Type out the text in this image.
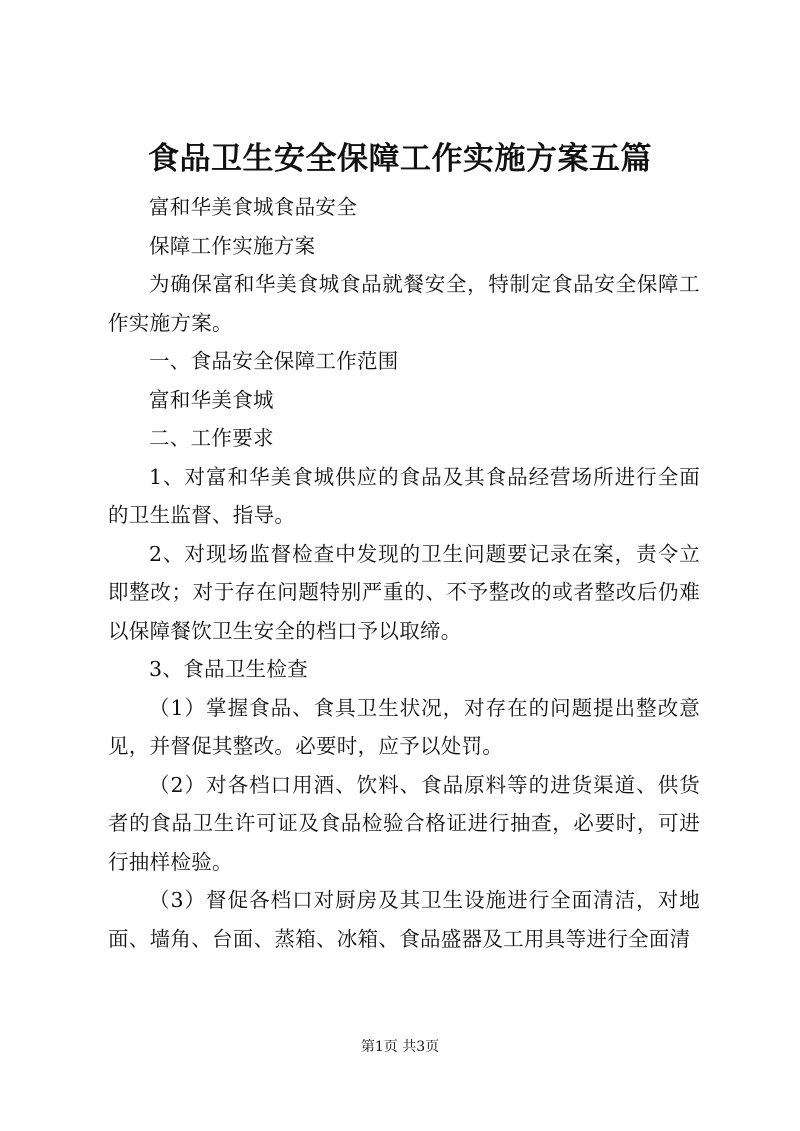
食品卫生安全保障工作实施方案五篇

富和华美食城食品安全

保障工作实施方案

为确保富和华美食城食品就餐安全，特制定食品安全保障工作实施方案。

一、食品安全保障工作范围

富和华美食城

二、工作要求

1、对富和华美食城供应的食品及其食品经营场所进行全面的卫生监督、指导。

2、对现场监督检查中发现的卫生问题要记录在案，责令立即整改；对于存在问题特别严重的、不予整改的或者整改后仍难以保障餐饮卫生安全的档口予以取缔。

3、食品卫生检查

（1）掌握食品、食具卫生状况，对存在的问题提出整改意见，并督促其整改。必要时，应予以处罚。

（2）对各档口用酒、饮料、食品原料等的进货渠道、供货者的食品卫生许可证及食品检验合格证进行抽查，必要时，可进行抽样检验。

（3）督促各档口对厨房及其卫生设施进行全面清洁，对地面、墙角、台面、蒸箱、冰箱、食品盛器及工用具等进行全面清

第1页 共3页
